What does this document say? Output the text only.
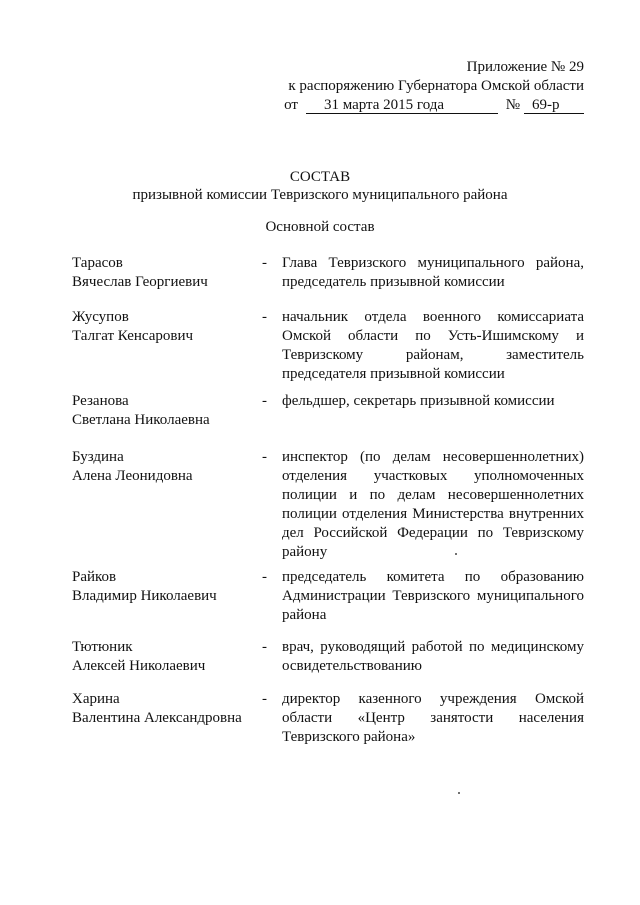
Приложение № 29
к распоряжению Губернатора Омской области
от 31 марта 2015 года	№ 69-р
СОСТАВ
призывной комиссии Тевризского муниципального района
Основной состав
Тарасов
Вячеслав Георгиевич
-	Глава Тевризского муниципального района, председатель призывной комиссии
Жусупов
Талгат Кенсарович
-	начальник отдела военного комиссариата Омской области по Усть-Ишимскому и Тевризскому районам, заместитель председателя призывной комиссии
Резанова
Светлана Николаевна
-	фельдшер, секретарь призывной комиссии
Буздина
Алена Леонидовна
-	инспектор (по делам несовершеннолетних) отделения участковых уполномоченных полиции и по делам несовершеннолетних полиции отделения Министерства внутренних дел Российской Федерации по Тевризскому району
Райков
Владимир Николаевич
-	председатель комитета по образованию Администрации Тевризского муниципального района
Тютюник
Алексей Николаевич
-	врач, руководящий работой по медицинскому освидетельствованию
Харина
Валентина Александровна
-	директор казенного учреждения Омской области «Центр занятости населения Тевризского района»
